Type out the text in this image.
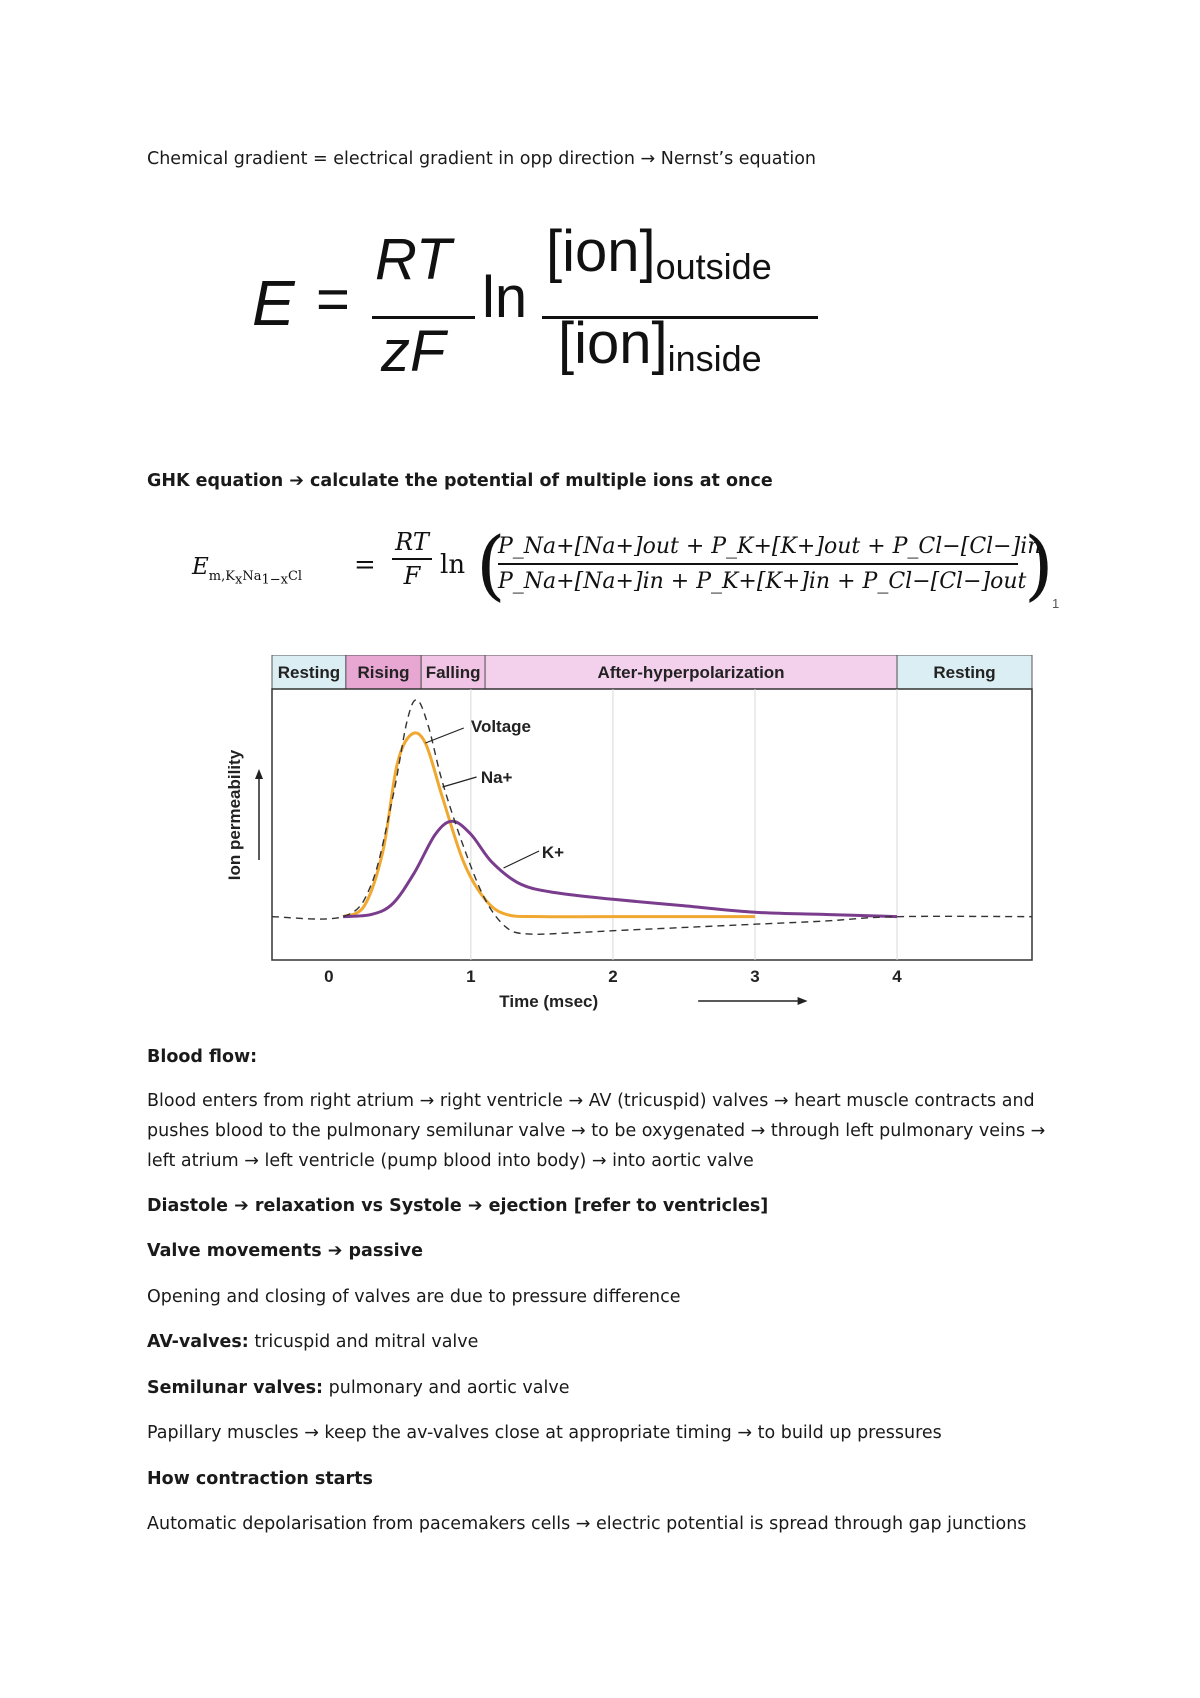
Chemical gradient = electrical gradient in opp direction → Nernst’s equation

E =
RT
zF
ln
$[ion]_{outside}$
$[ion]_{inside}$

GHK equation ➔ calculate the potential of multiple ions at once

$E_{m,K_xNa_{1-x}Cl}$ =
RT
F ln (
P_Na+[Na+]out + P_K+[K+]out + P_Cl−[Cl−]in
P_Na+[Na+]in + P_K+[K+]in + P_Cl−[Cl−]out
)
1
Resting Rising Falling	After-hyperpolarization	Resting
0	1	2	3	4
Time (msec)
Ion permeability
Voltage
Na+
K+

Blood flow:

Blood enters from right atrium → right ventricle → AV (tricuspid) valves → heart muscle contracts and pushes blood to the pulmonary semilunar valve → to be oxygenated → through left pulmonary veins → left atrium → left ventricle (pump blood into body) → into aortic valve

Diastole ➔ relaxation vs Systole ➔ ejection [refer to ventricles]

Valve movements ➔ passive

Opening and closing of valves are due to pressure difference

AV-valves: tricuspid and mitral valve

Semilunar valves: pulmonary and aortic valve

Papillary muscles → keep the av-valves close at appropriate timing → to build up pressures

How contraction starts

Automatic depolarisation from pacemakers cells → electric potential is spread through gap junctions
